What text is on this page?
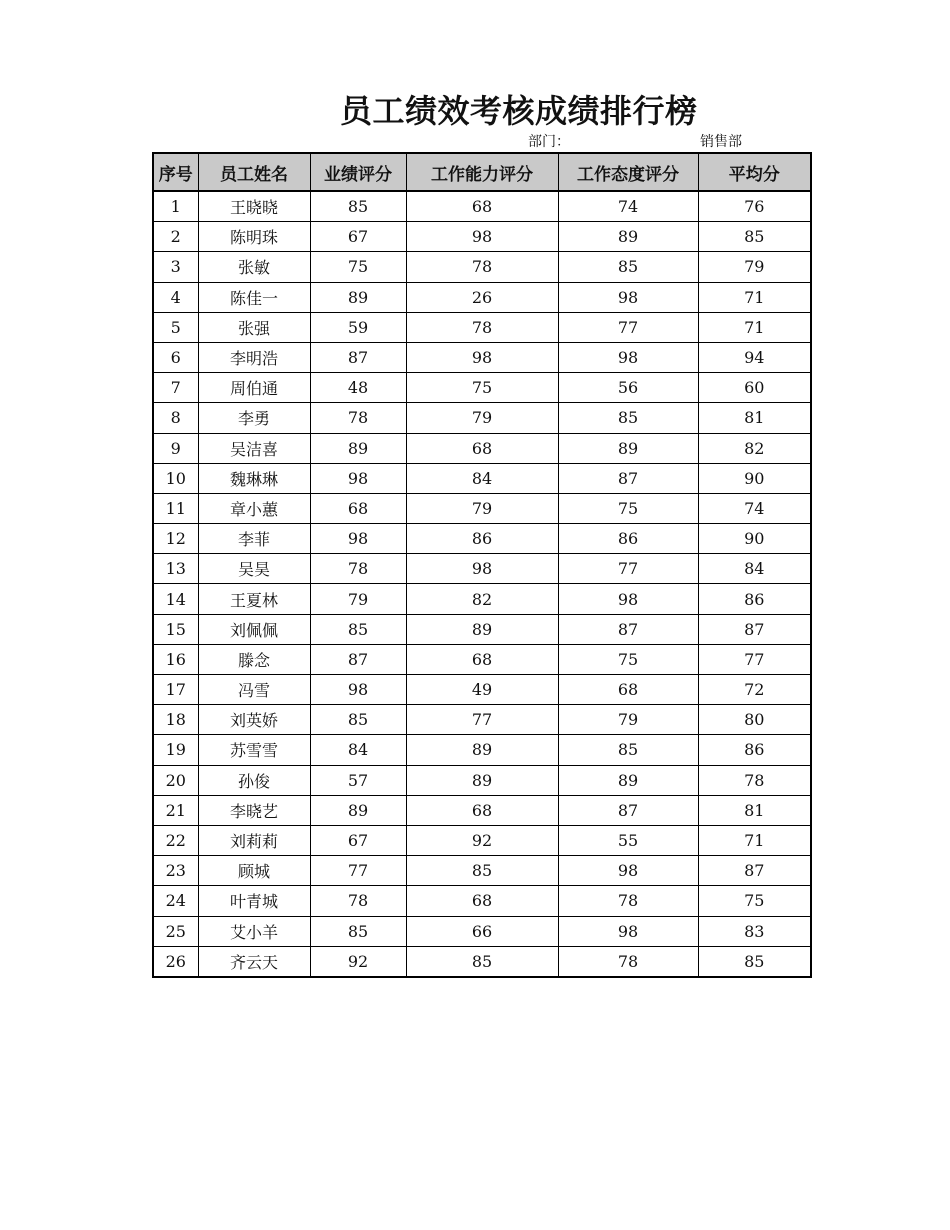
员工绩效考核成绩排行榜
部门：	销售部
序号	员工姓名	业绩评分	工作能力评分	工作态度评分	平均分
1	王晓晓	85	68	74	76
2	陈明珠	67	98	89	85
3	张敏	75	78	85	79
4	陈佳一	89	26	98	71
5	张强	59	78	77	71
6	李明浩	87	98	98	94
7	周伯通	48	75	56	60
8	李勇	78	79	85	81
9	吴洁喜	89	68	89	82
10	魏琳琳	98	84	87	90
11	章小蕙	68	79	75	74
12	李菲	98	86	86	90
13	吴昊	78	98	77	84
14	王夏林	79	82	98	86
15	刘佩佩	85	89	87	87
16	滕念	87	68	75	77
17	冯雪	98	49	68	72
18	刘英娇	85	77	79	80
19	苏雪雪	84	89	85	86
20	孙俊	57	89	89	78
21	李晓艺	89	68	87	81
22	刘莉莉	67	92	55	71
23	顾城	77	85	98	87
24	叶青城	78	68	78	75
25	艾小羊	85	66	98	83
26	齐云天	92	85	78	85
